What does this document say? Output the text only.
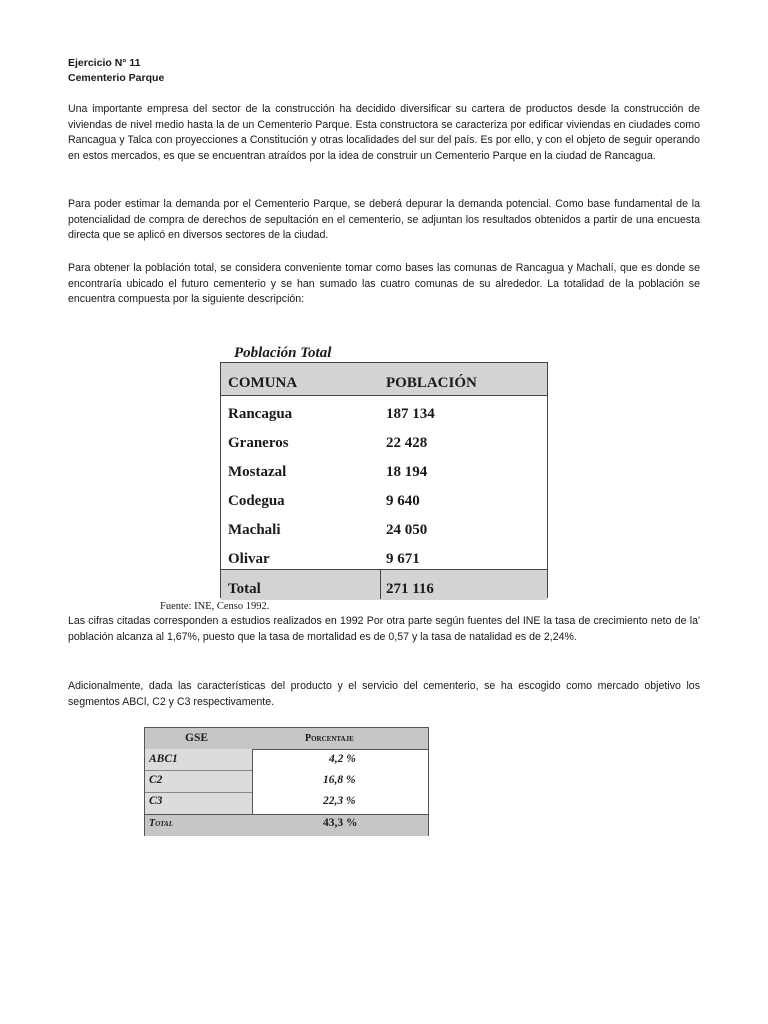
Ejercicio N° 11
Cementerio Parque
Una importante empresa del sector de la construcción ha decidido diversificar su cartera de productos desde la construcción de viviendas de nivel medio hasta la de un Cementerio Parque. Esta constructora se caracteriza por edificar viviendas en ciudades como Rancagua y Talca con proyecciones a Constitución y otras localidades del sur del país. Es por ello, y con el objeto de seguir operando en estos mercados, es que se encuentran atraídos por la idea de construir un Cementerio Parque en la ciudad de Rancagua.
Para poder estimar la demanda por el Cementerio Parque, se deberá depurar la demanda potencial. Como base fundamental de la potencialidad de compra de derechos de sepultación en el cementerio, se adjuntan los resultados obtenidos a partir de una encuesta directa que se aplicó en diversos sectores de la ciudad.
Para obtener la población total, se considera conveniente tomar como bases las comunas de Rancagua y Machalí, que es donde se encontraría ubicado el futuro cementerio y se han sumado las cuatro comunas de su alrededor. La totalidad de la población se encuentra compuesta por la siguiente descripción:
Población Total
COMUNA	POBLACIÓN
Rancagua	187 134
Graneros	22 428
Mostazal	18 194
Codegua	9 640
Machali	24 050
Olivar	9 671
Total	271 116
Fuente: INE, Censo 1992.
Las cifras citadas corresponden a estudios realizados en 1992 Por otra parte según fuentes del INE la tasa de crecimiento neto de la' población alcanza al 1,67%, puesto que la tasa de mortalidad es de 0,57 y la tasa de natalidad es de 2,24%.
Adicionalmente, dada las características del producto y el servicio del cementerio, se ha escogido como mercado objetivo los segmentos ABCl, C2 y C3 respectivamente.
GSE	Porcentaje
ABC1	4,2 %
C2	16,8 %
C3	22,3 %
Total	43,3 %
